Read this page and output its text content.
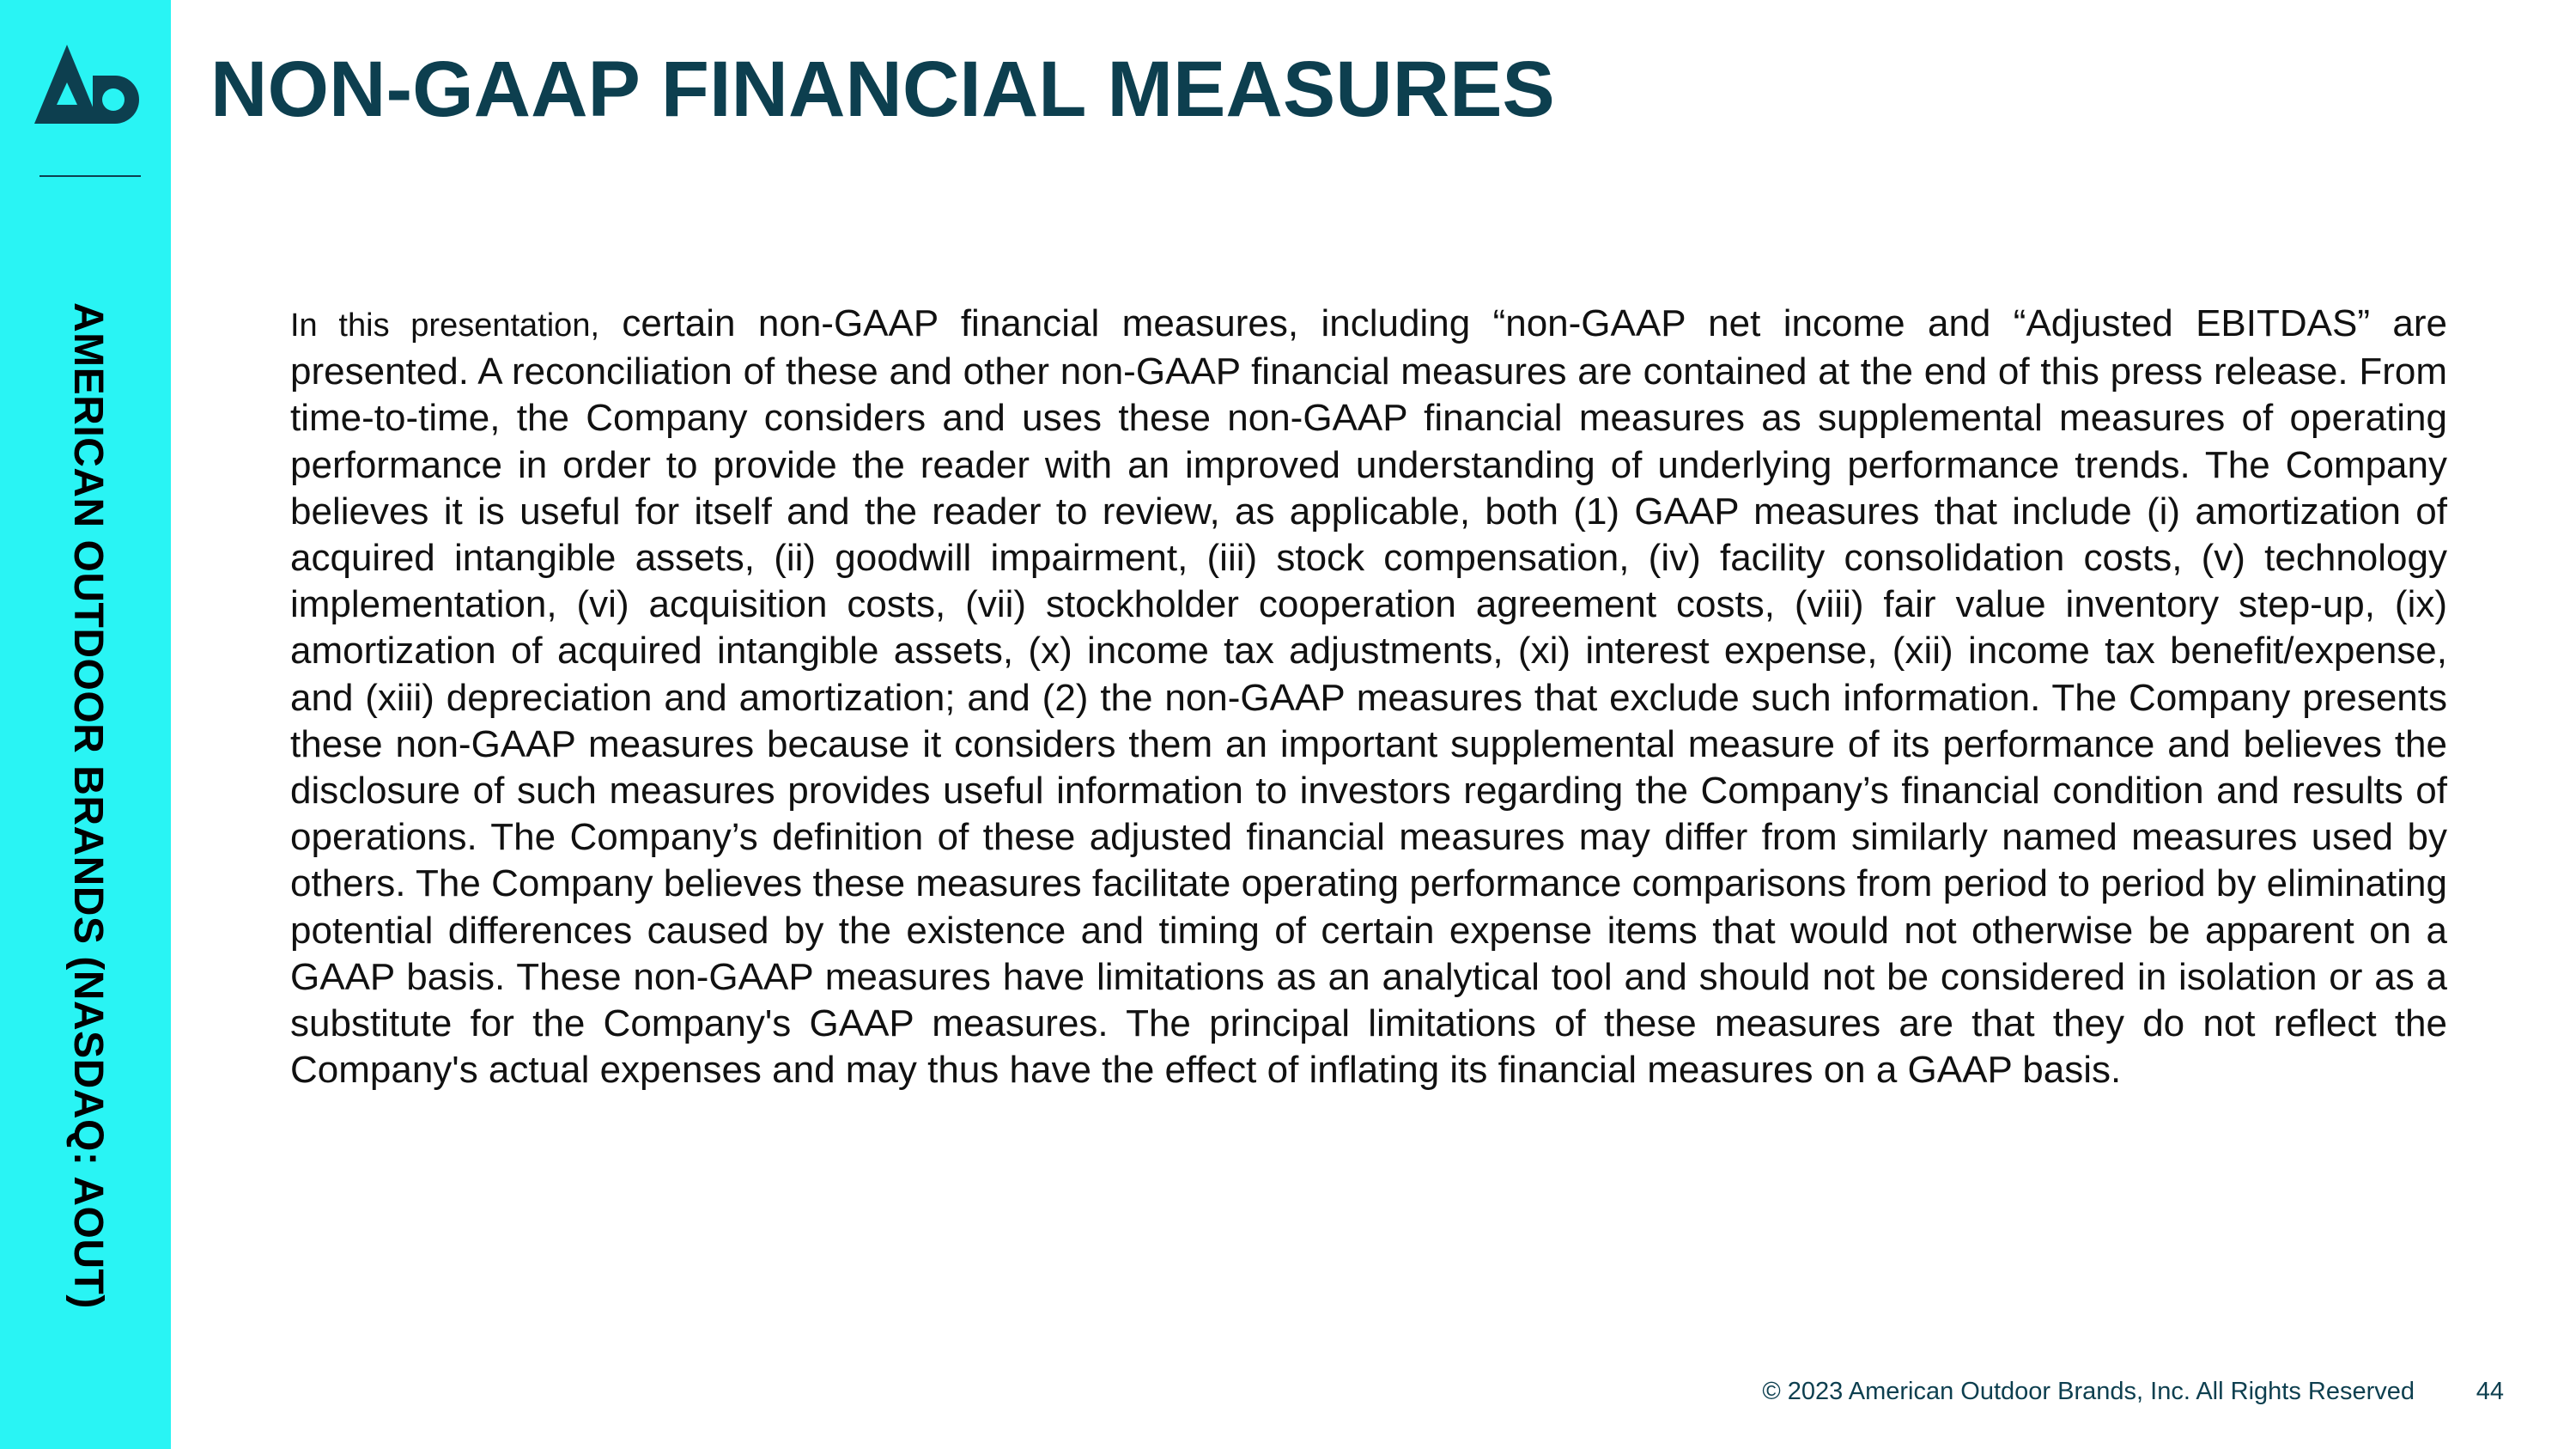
AMERICAN OUTDOOR BRANDS (NASDAQ: AOUT)
NON-GAAP FINANCIAL MEASURES

In this presentation, certain non-GAAP financial measures, including “non-GAAP net income and “Adjusted EBITDAS” are presented. A reconciliation of these and other non-GAAP financial measures are contained at the end of this press release. From time-to-time, the Company considers and uses these non-GAAP financial measures as supplemental measures of operating performance in order to provide the reader with an improved understanding of underlying performance trends. The Company believes it is useful for itself and the reader to review, as applicable, both (1) GAAP measures that include (i) amortization of acquired intangible assets, (ii) goodwill impairment, (iii) stock compensation, (iv) facility consolidation costs, (v) technology implementation, (vi) acquisition costs, (vii) stockholder cooperation agreement costs, (viii) fair value inventory step-up, (ix) amortization of acquired intangible assets, (x) income tax adjustments, (xi) interest expense, (xii) income tax benefit/expense, and (xiii) depreciation and amortization; and (2) the non-GAAP measures that exclude such information. The Company presents these non-GAAP measures because it considers them an important supplemental measure of its performance and believes the disclosure of such measures provides useful information to investors regarding the Company’s financial condition and results of operations. The Company’s definition of these adjusted financial measures may differ from similarly named measures used by others. The Company believes these measures facilitate operating performance comparisons from period to period by eliminating potential differences caused by the existence and timing of certain expense items that would not otherwise be apparent on a GAAP basis. These non-GAAP measures have limitations as an analytical tool and should not be considered in isolation or as a substitute for the Company's GAAP measures. The principal limitations of these measures are that they do not reflect the Company's actual expenses and may thus have the effect of inflating its financial measures on a GAAP basis.

© 2023 American Outdoor Brands, Inc. All Rights Reserved 44
